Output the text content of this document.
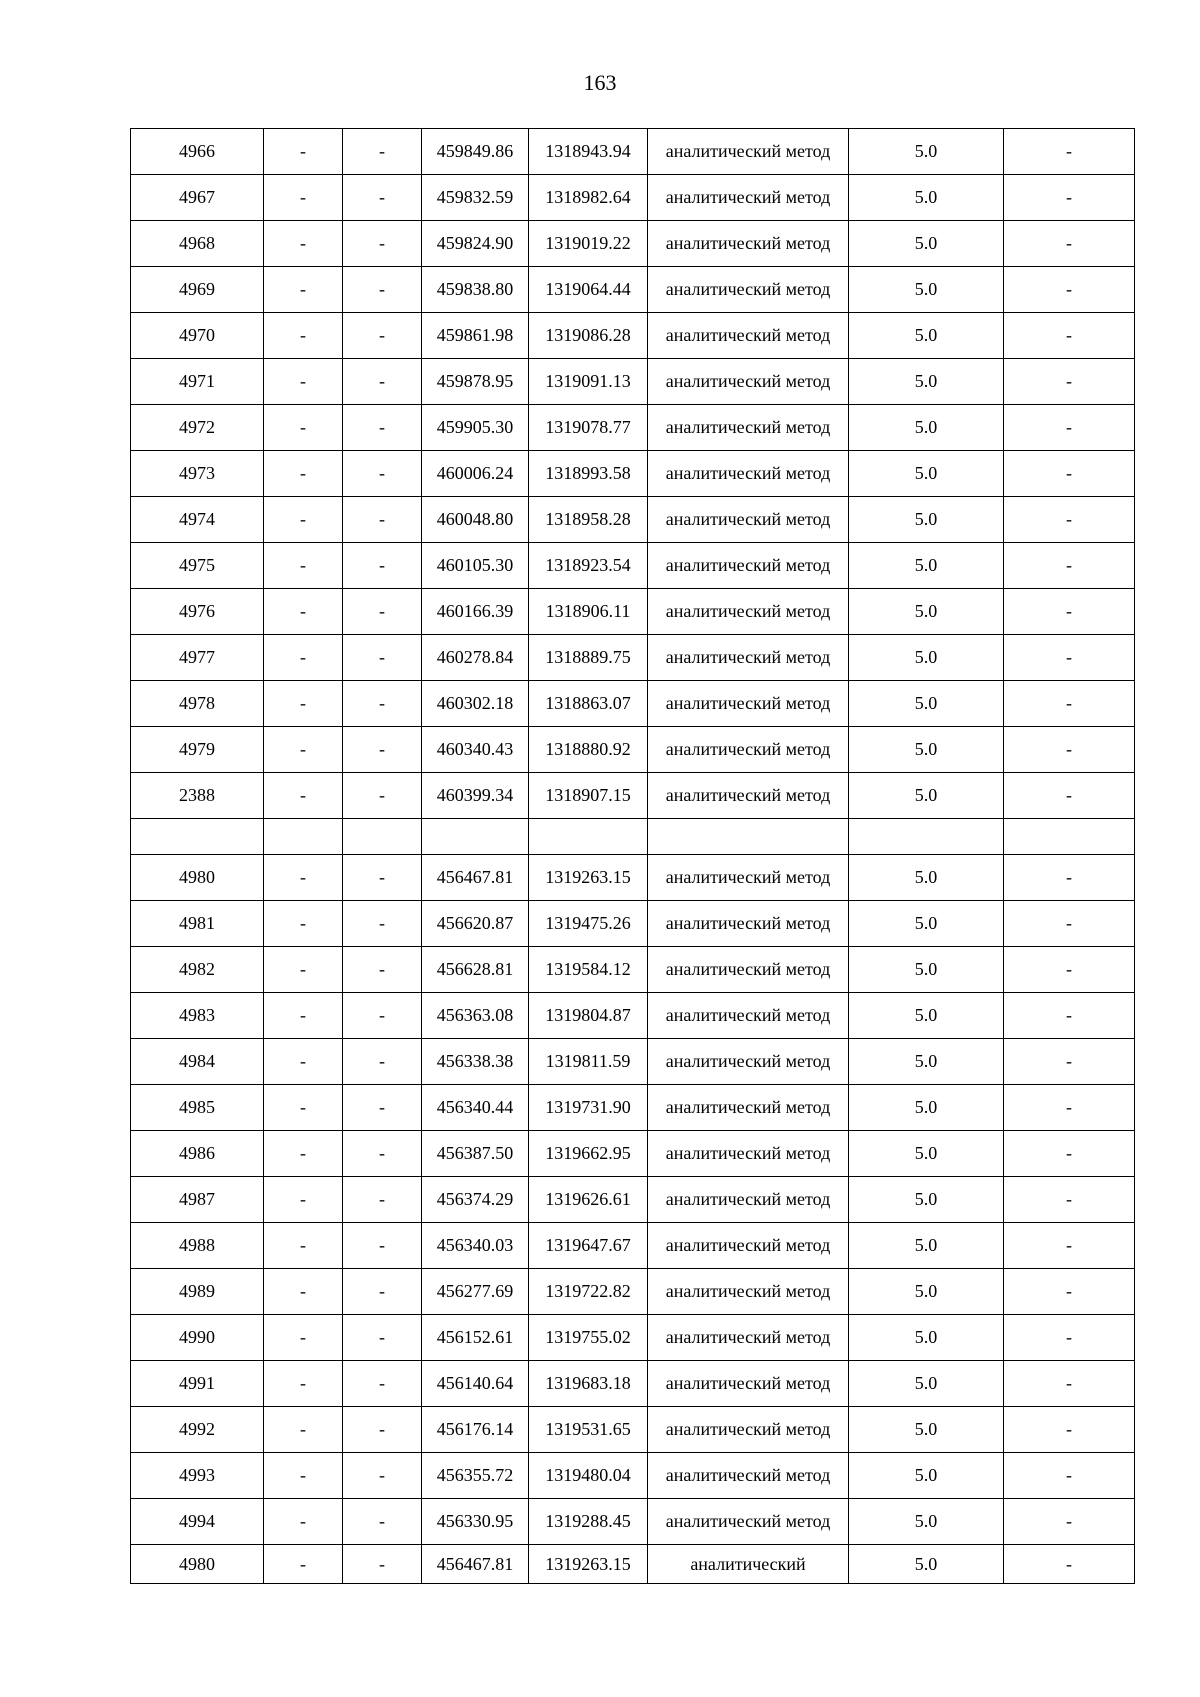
163
4966	-	-	459849.86	1318943.94	аналитический метод	5.0	-
4967	-	-	459832.59	1318982.64	аналитический метод	5.0	-
4968	-	-	459824.90	1319019.22	аналитический метод	5.0	-
4969	-	-	459838.80	1319064.44	аналитический метод	5.0	-
4970	-	-	459861.98	1319086.28	аналитический метод	5.0	-
4971	-	-	459878.95	1319091.13	аналитический метод	5.0	-
4972	-	-	459905.30	1319078.77	аналитический метод	5.0	-
4973	-	-	460006.24	1318993.58	аналитический метод	5.0	-
4974	-	-	460048.80	1318958.28	аналитический метод	5.0	-
4975	-	-	460105.30	1318923.54	аналитический метод	5.0	-
4976	-	-	460166.39	1318906.11	аналитический метод	5.0	-
4977	-	-	460278.84	1318889.75	аналитический метод	5.0	-
4978	-	-	460302.18	1318863.07	аналитический метод	5.0	-
4979	-	-	460340.43	1318880.92	аналитический метод	5.0	-
2388	-	-	460399.34	1318907.15	аналитический метод	5.0	-

4980	-	-	456467.81	1319263.15	аналитический метод	5.0	-
4981	-	-	456620.87	1319475.26	аналитический метод	5.0	-
4982	-	-	456628.81	1319584.12	аналитический метод	5.0	-
4983	-	-	456363.08	1319804.87	аналитический метод	5.0	-
4984	-	-	456338.38	1319811.59	аналитический метод	5.0	-
4985	-	-	456340.44	1319731.90	аналитический метод	5.0	-
4986	-	-	456387.50	1319662.95	аналитический метод	5.0	-
4987	-	-	456374.29	1319626.61	аналитический метод	5.0	-
4988	-	-	456340.03	1319647.67	аналитический метод	5.0	-
4989	-	-	456277.69	1319722.82	аналитический метод	5.0	-
4990	-	-	456152.61	1319755.02	аналитический метод	5.0	-
4991	-	-	456140.64	1319683.18	аналитический метод	5.0	-
4992	-	-	456176.14	1319531.65	аналитический метод	5.0	-
4993	-	-	456355.72	1319480.04	аналитический метод	5.0	-
4994	-	-	456330.95	1319288.45	аналитический метод	5.0	-
4980	-	-	456467.81	1319263.15	аналитический	5.0	-
